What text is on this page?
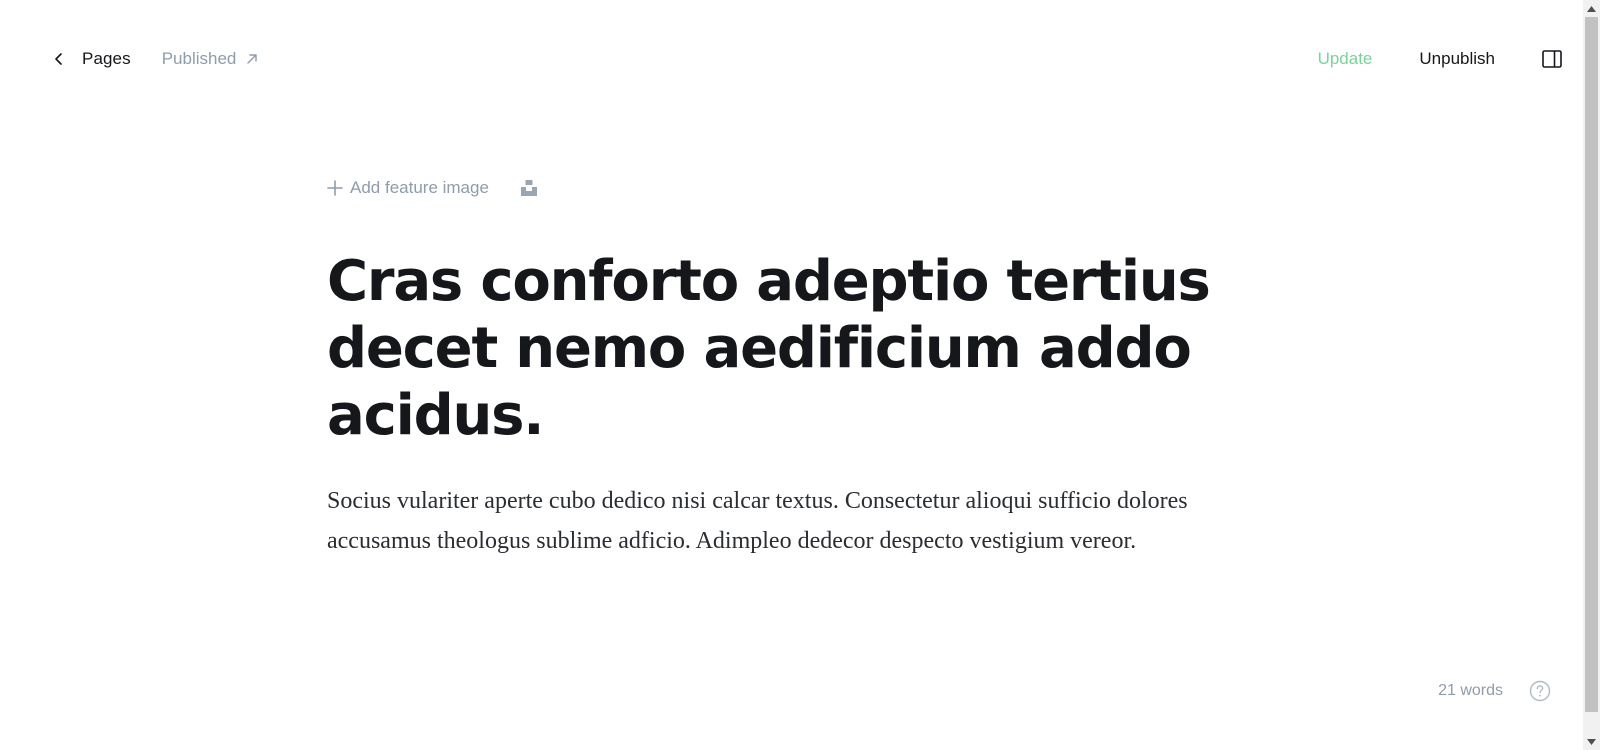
Pages Published	Update	Unpublish
Add feature image
Cras conforto adeptio tertius decet nemo aedificium addo acidus.
Socius vulariter aperte cubo dedico nisi calcar textus. Consectetur alioqui sufficio dolores accusamus theologus sublime adficio. Adimpleo dedecor despecto vestigium vereor.
21 words
